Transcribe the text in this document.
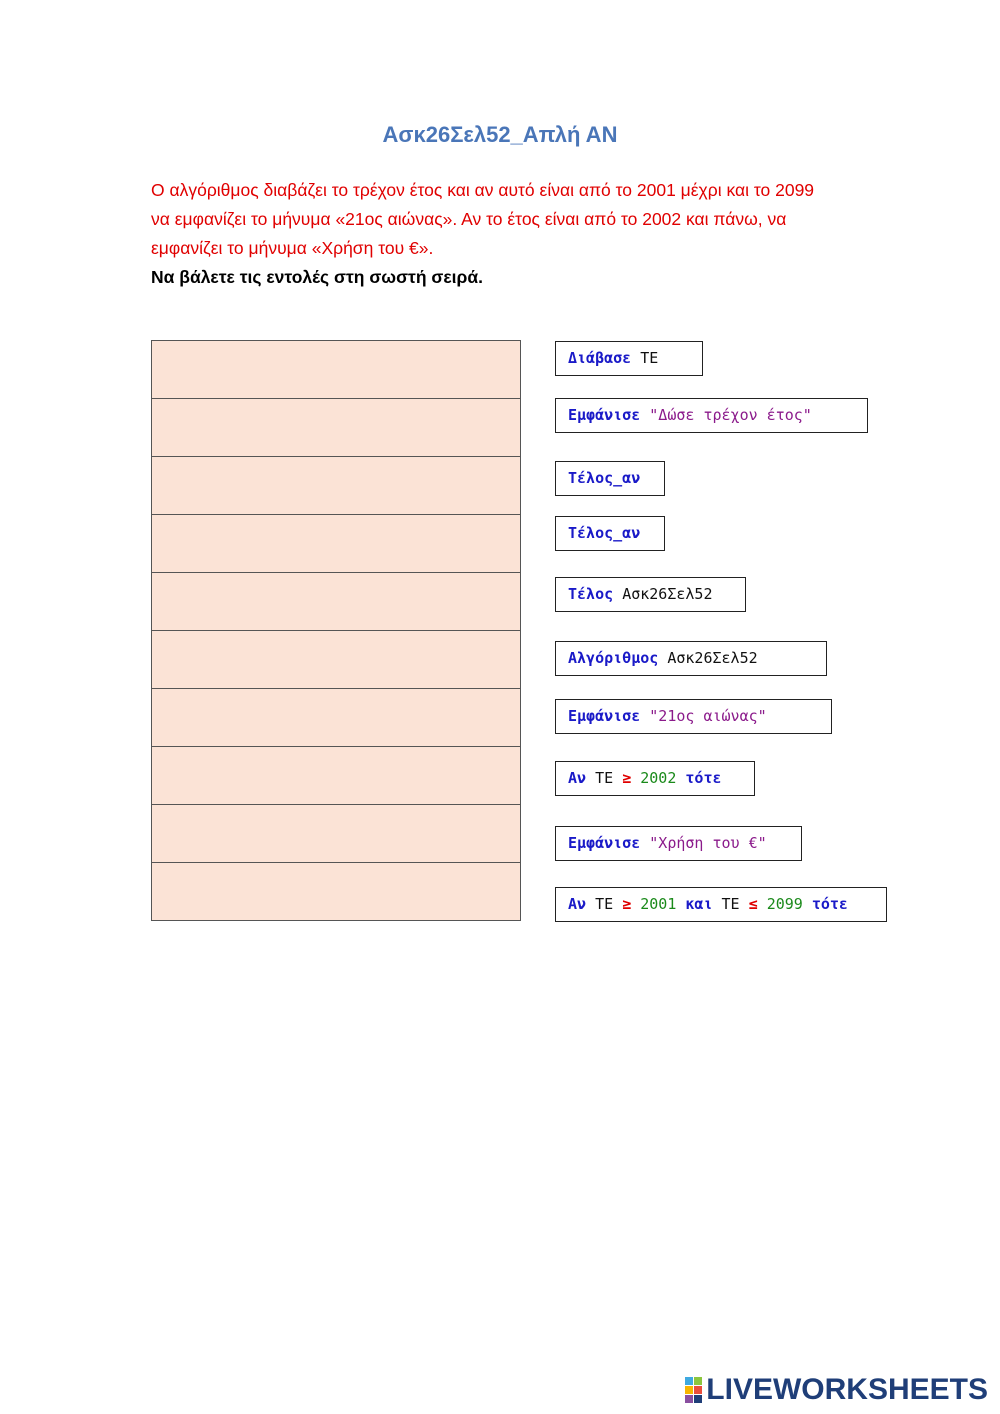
Ασκ26Σελ52_Απλή ΑΝ

Ο αλγόριθμος διαβάζει το τρέχον έτος και αν αυτό είναι από το 2001 μέχρι και το 2099

να εμφανίζει το μήνυμα «21ος αιώνας». Αν το έτος είναι από το 2002 και πάνω, να

εμφανίζει το μήνυμα «Χρήση του €».

Να βάλετε τις εντολές στη σωστή σειρά.
Διάβασε ΤΕ
Εμφάνισε "Δώσε τρέχον έτος"
Τέλος_αν
Τέλος_αν
Τέλος Ασκ26Σελ52
Αλγόριθμος Ασκ26Σελ52
Εμφάνισε "21ος αιώνας"
Αν ΤΕ ≥ 2002 τότε
Εμφάνισε "Χρήση του €"
Αν ΤΕ ≥ 2001 και ΤΕ ≤ 2099 τότε
LIVEWORKSHEETS
